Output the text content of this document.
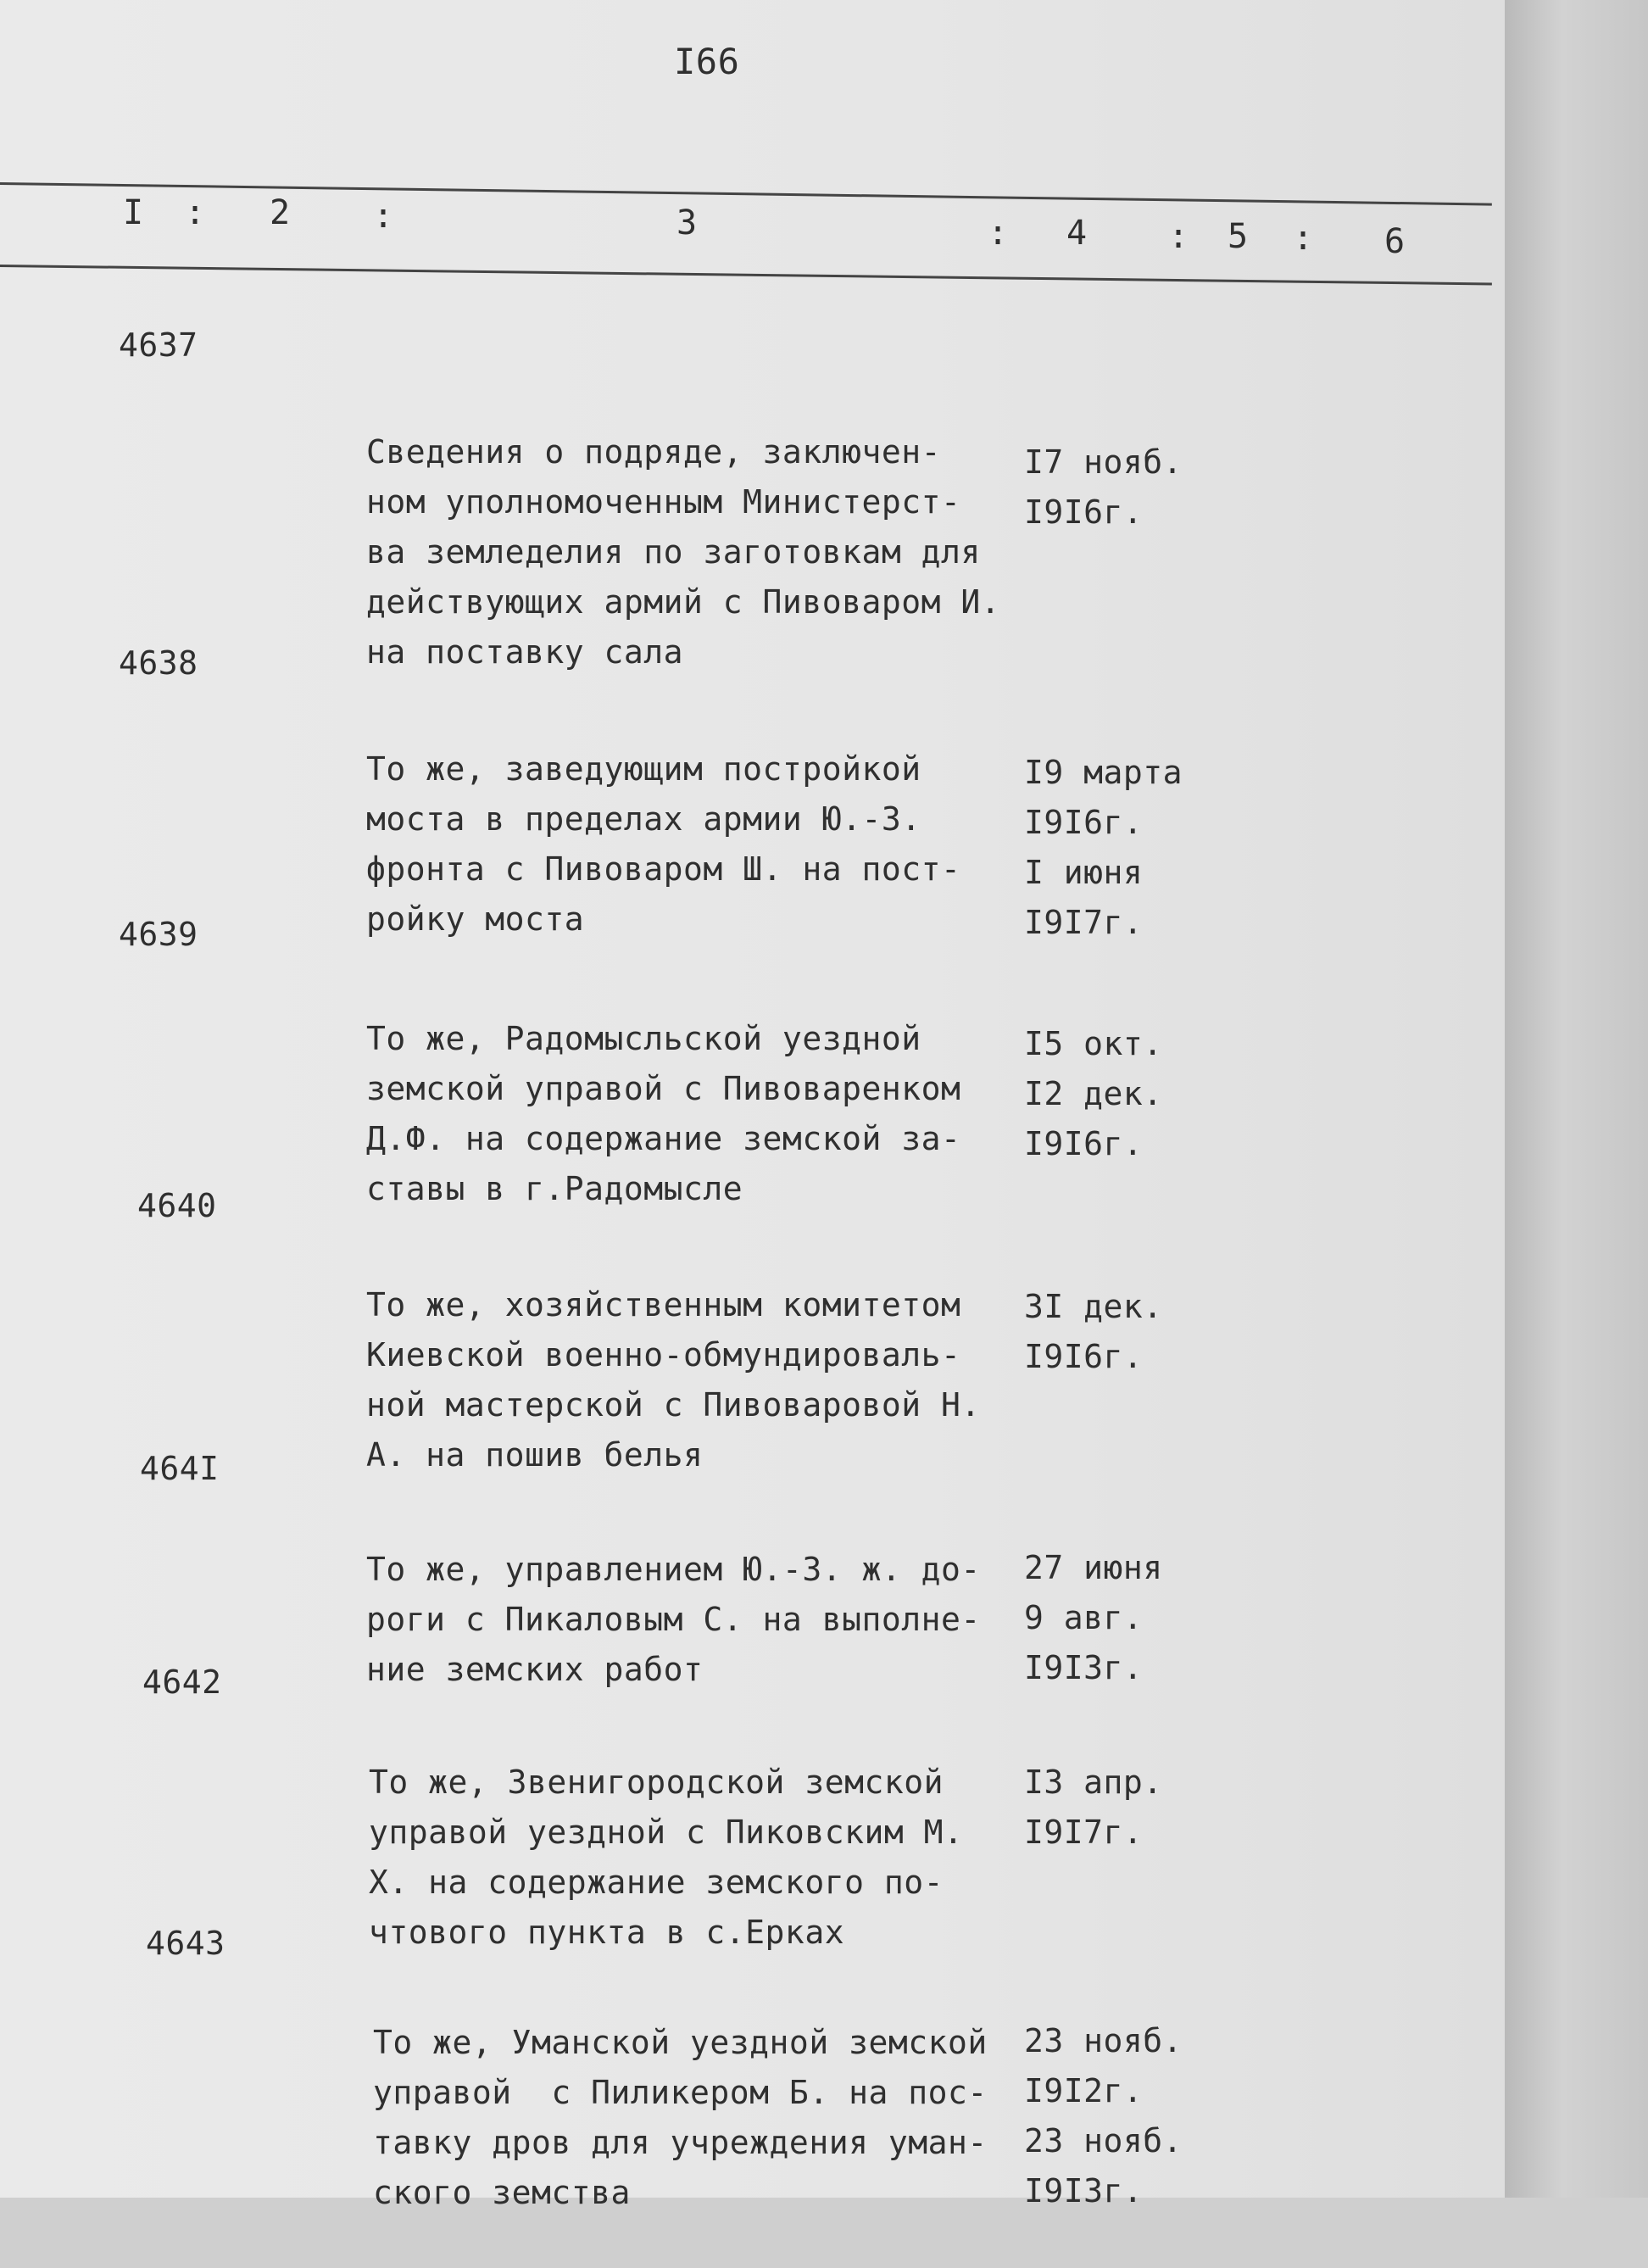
I66
I : 2 :	3	: 4 : 5 : 6
4637

Сведения о подряде, заключен-
ном уполномоченным Министерст-
ва земледелия по заготовкам для
действующих армий с Пивоваром И.
на поставку сала

I7 нояб.
I9I6г.

4638

То же, заведующим постройкой
моста в пределах армии Ю.-З.
фронта с Пивоваром Ш. на пост-
ройку моста

I9 марта
I9I6г.
I июня
I9I7г.

4639

То же, Радомысльской уездной
земской управой с Пивоваренком
Д.Ф. на содержание земской за-
ставы в г.Радомысле

I5 окт.
I2 дек.
I9I6г.

4640

То же, хозяйственным комитетом
Киевской военно-обмундироваль-
ной мастерской с Пивоваровой Н.
А. на пошив белья

3I дек.
I9I6г.

464I

То же, управлением Ю.-З. ж. до-
роги с Пикаловым С. на выполне-
ние земских работ

27 июня
9 авг.
I9I3г.

4642

То же, Звенигородской земской
управой уездной с Пиковским М.
Х. на содержание земского по-
чтового пункта в с.Ерках

I3 апр.
I9I7г.

4643

То же, Уманской уездной земской
управой  с Пиликером Б. на пос-
тавку дров для учреждения уман-
ского земства

23 нояб.
I9I2г.
23 нояб.
I9I3г.
